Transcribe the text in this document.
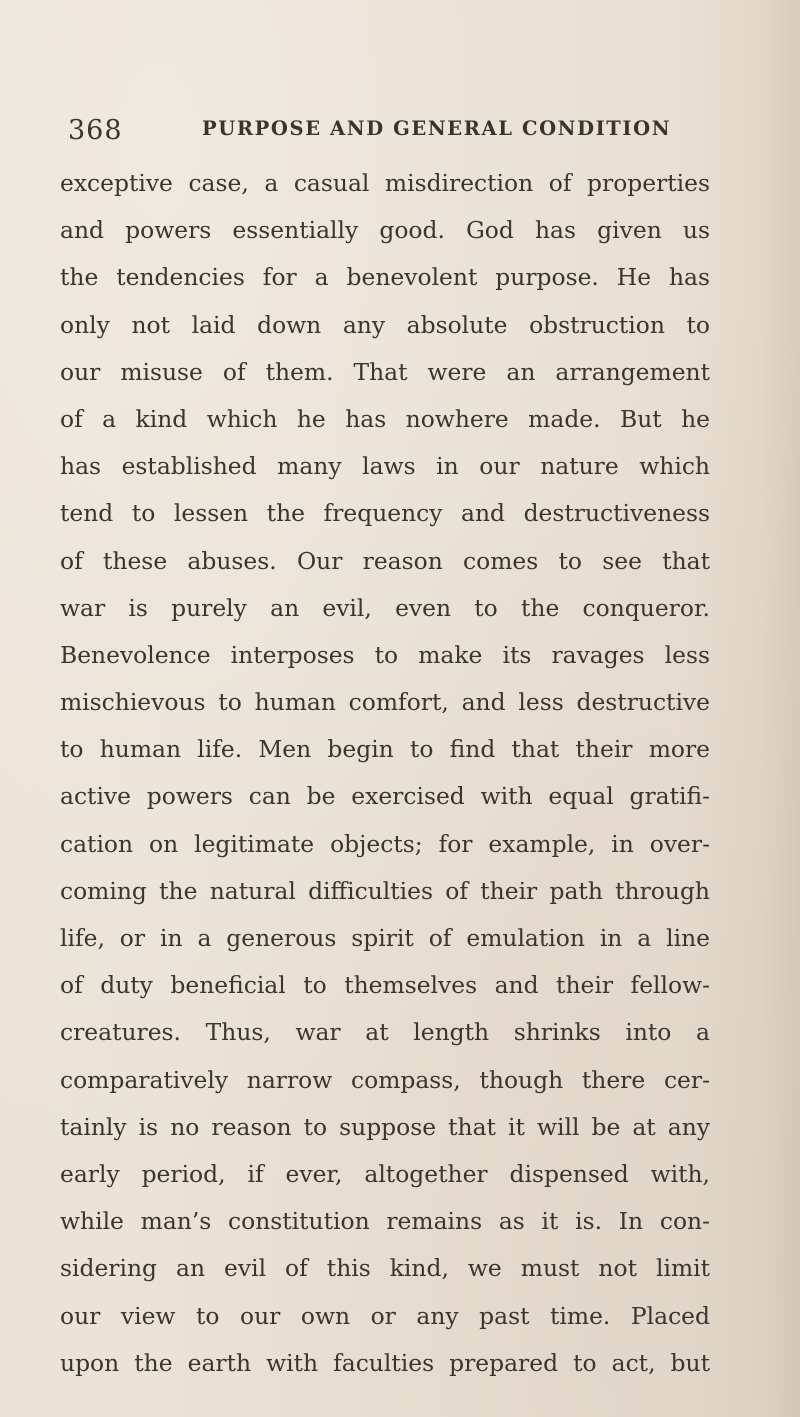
368	PURPOSE AND GENERAL CONDITION
exceptive case, a casual misdirection of properties
and powers essentially good. God has given us
the tendencies for a benevolent purpose. He has
only not laid down any absolute obstruction to
our misuse of them. That were an arrangement
of a kind which he has nowhere made. But he
has established many laws in our nature which
tend to lessen the frequency and destructiveness
of these abuses. Our reason comes to see that
war is purely an evil, even to the conqueror.
Benevolence interposes to make its ravages less
mischievous to human comfort, and less destructive
to human life. Men begin to find that their more
active powers can be exercised with equal gratifi-
cation on legitimate objects; for example, in over-
coming the natural difficulties of their path through
life, or in a generous spirit of emulation in a line
of duty beneficial to themselves and their fellow-
creatures. Thus, war at length shrinks into a
comparatively narrow compass, though there cer-
tainly is no reason to suppose that it will be at any
early period, if ever, altogether dispensed with,
while man’s constitution remains as it is. In con-
sidering an evil of this kind, we must not limit
our view to our own or any past time. Placed
upon the earth with faculties prepared to act, but
